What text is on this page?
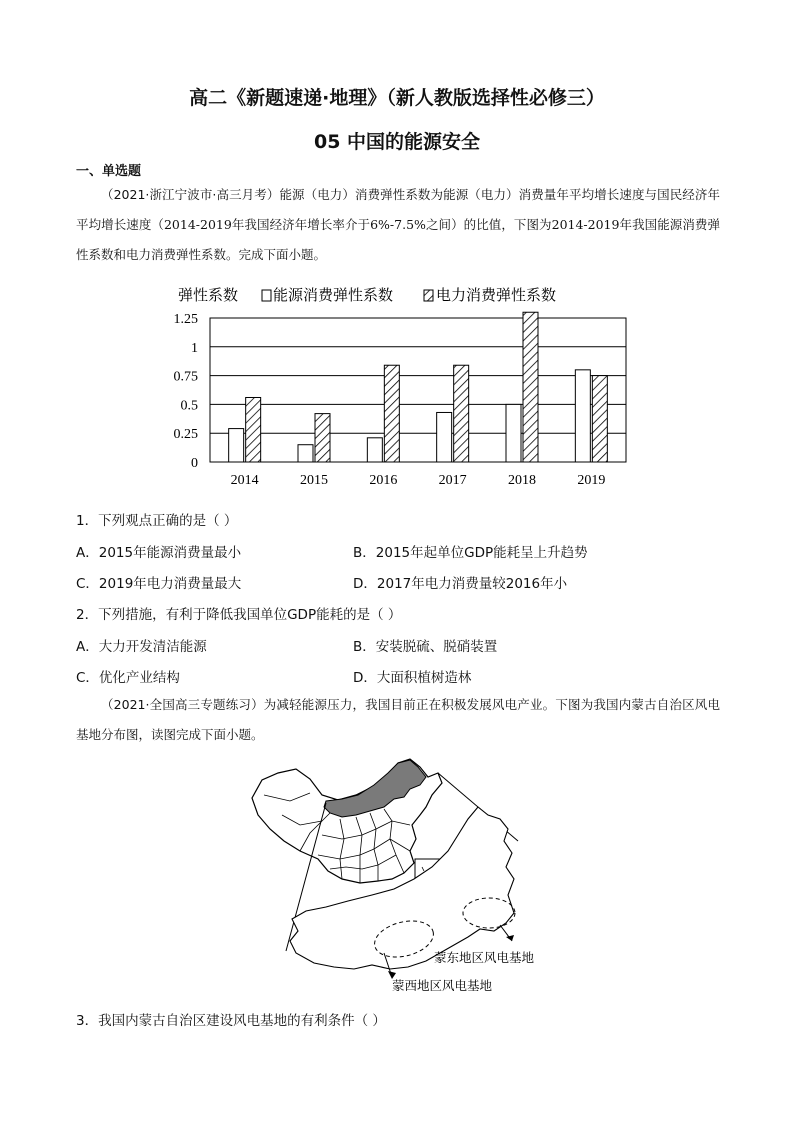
高二《新题速递·地理》（新人教版选择性必修三）
05 中国的能源安全
一、单选题
（2021·浙江宁波市·高三月考）能源（电力）消费弹性系数为能源（电力）消费量年平均增长速度与国民经济年平均增长速度（2014-2019年我国经济年增长率介于6%-7.5%之间）的比值，下图为2014-2019年我国能源消费弹性系数和电力消费弹性系数。完成下面小题。
弹性系数 能源消费弹性系数	电力消费弹性系数
0
0.25
0.5
0.75
1
1.25
2014	2015	2016	2017	2018	2019
1．下列观点正确的是（ ）
A．2015年能源消费量最小	B．2015年起单位GDP能耗呈上升趋势
C．2019年电力消费量最大	D．2017年电力消费量较2016年小
2．下列措施，有利于降低我国单位GDP能耗的是（ ）
A．大力开发清洁能源	B．安装脱硫、脱硝装置
C．优化产业结构	D．大面积植树造林
（2021·全国高三专题练习）为减轻能源压力，我国目前正在积极发展风电产业。下图为我国内蒙古自治区风电基地分布图，读图完成下面小题。
蒙东地区风电基地
蒙西地区风电基地
3．我国内蒙古自治区建设风电基地的有利条件（ ）
